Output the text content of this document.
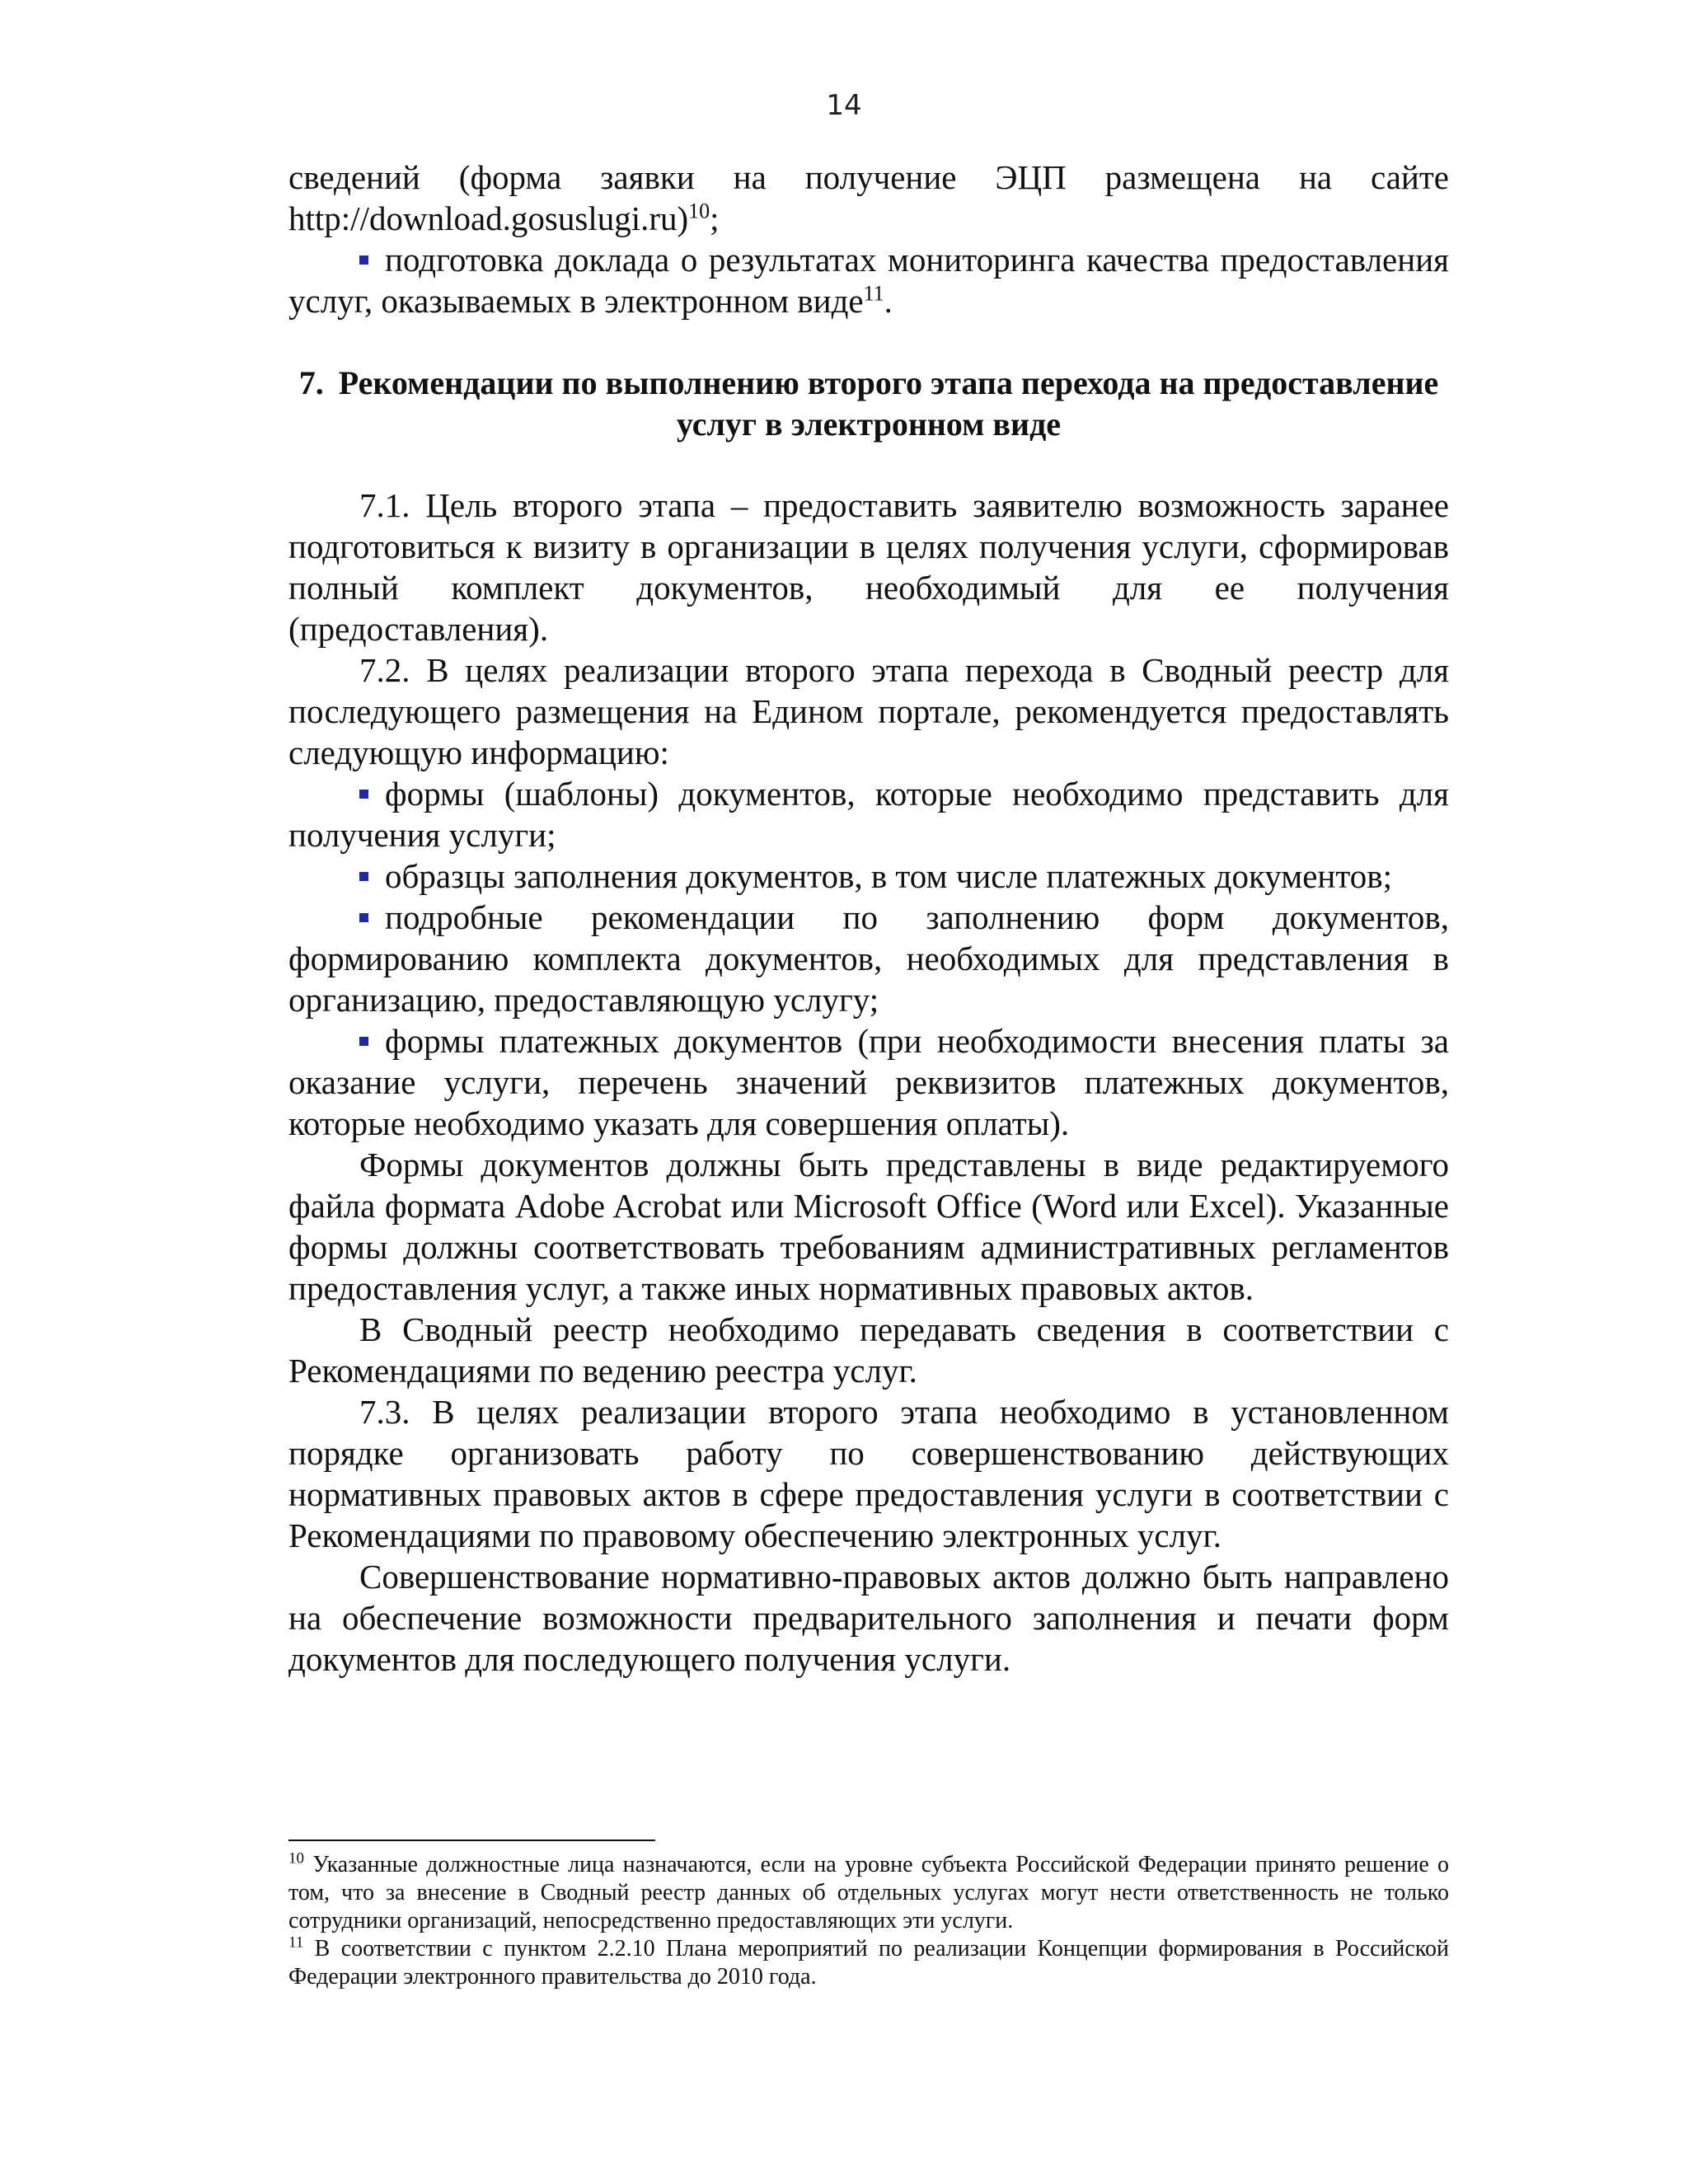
14

сведений (форма заявки на получение ЭЦП размещена на сайте http://download.gosuslugi.ru)$^{10}$;

подготовка доклада о результатах мониторинга качества предоставления услуг, оказываемых в электронном виде$^{11}$.

7. Рекомендации по выполнению второго этапа перехода на предоставление услуг в электронном виде

7.1. Цель второго этапа – предоставить заявителю возможность заранее подготовиться к визиту в организации в целях получения услуги, сформировав полный комплект документов, необходимый для ее получения (предоставления).

7.2. В целях реализации второго этапа перехода в Сводный реестр для последующего размещения на Едином портале, рекомендуется предоставлять следующую информацию:

формы (шаблоны) документов, которые необходимо представить для получения услуги;

образцы заполнения документов, в том числе платежных документов;

подробные рекомендации по заполнению форм документов, формированию комплекта документов, необходимых для представления в организацию, предоставляющую услугу;

формы платежных документов (при необходимости внесения платы за оказание услуги, перечень значений реквизитов платежных документов, которые необходимо указать для совершения оплаты).

Формы документов должны быть представлены в виде редактируемого файла формата Adobe Acrobat или Microsoft Office (Word или Excel). Указанные формы должны соответствовать требованиям административных регламентов предоставления услуг, а также иных нормативных правовых актов.

В Сводный реестр необходимо передавать сведения в соответствии с Рекомендациями по ведению реестра услуг.

7.3. В целях реализации второго этапа необходимо в установленном порядке организовать работу по совершенствованию действующих нормативных правовых актов в сфере предоставления услуги в соответствии с Рекомендациями по правовому обеспечению электронных услуг.

Совершенствование нормативно-правовых актов должно быть направлено на обеспечение возможности предварительного заполнения и печати форм документов для последующего получения услуги.

$^{10}$ Указанные должностные лица назначаются, если на уровне субъекта Российской Федерации принято решение о том, что за внесение в Сводный реестр данных об отдельных услугах могут нести ответственность не только сотрудники организаций, непосредственно предоставляющих эти услуги.

$^{11}$ В соответствии с пунктом 2.2.10 Плана мероприятий по реализации Концепции формирования в Российской Федерации электронного правительства до 2010 года.
